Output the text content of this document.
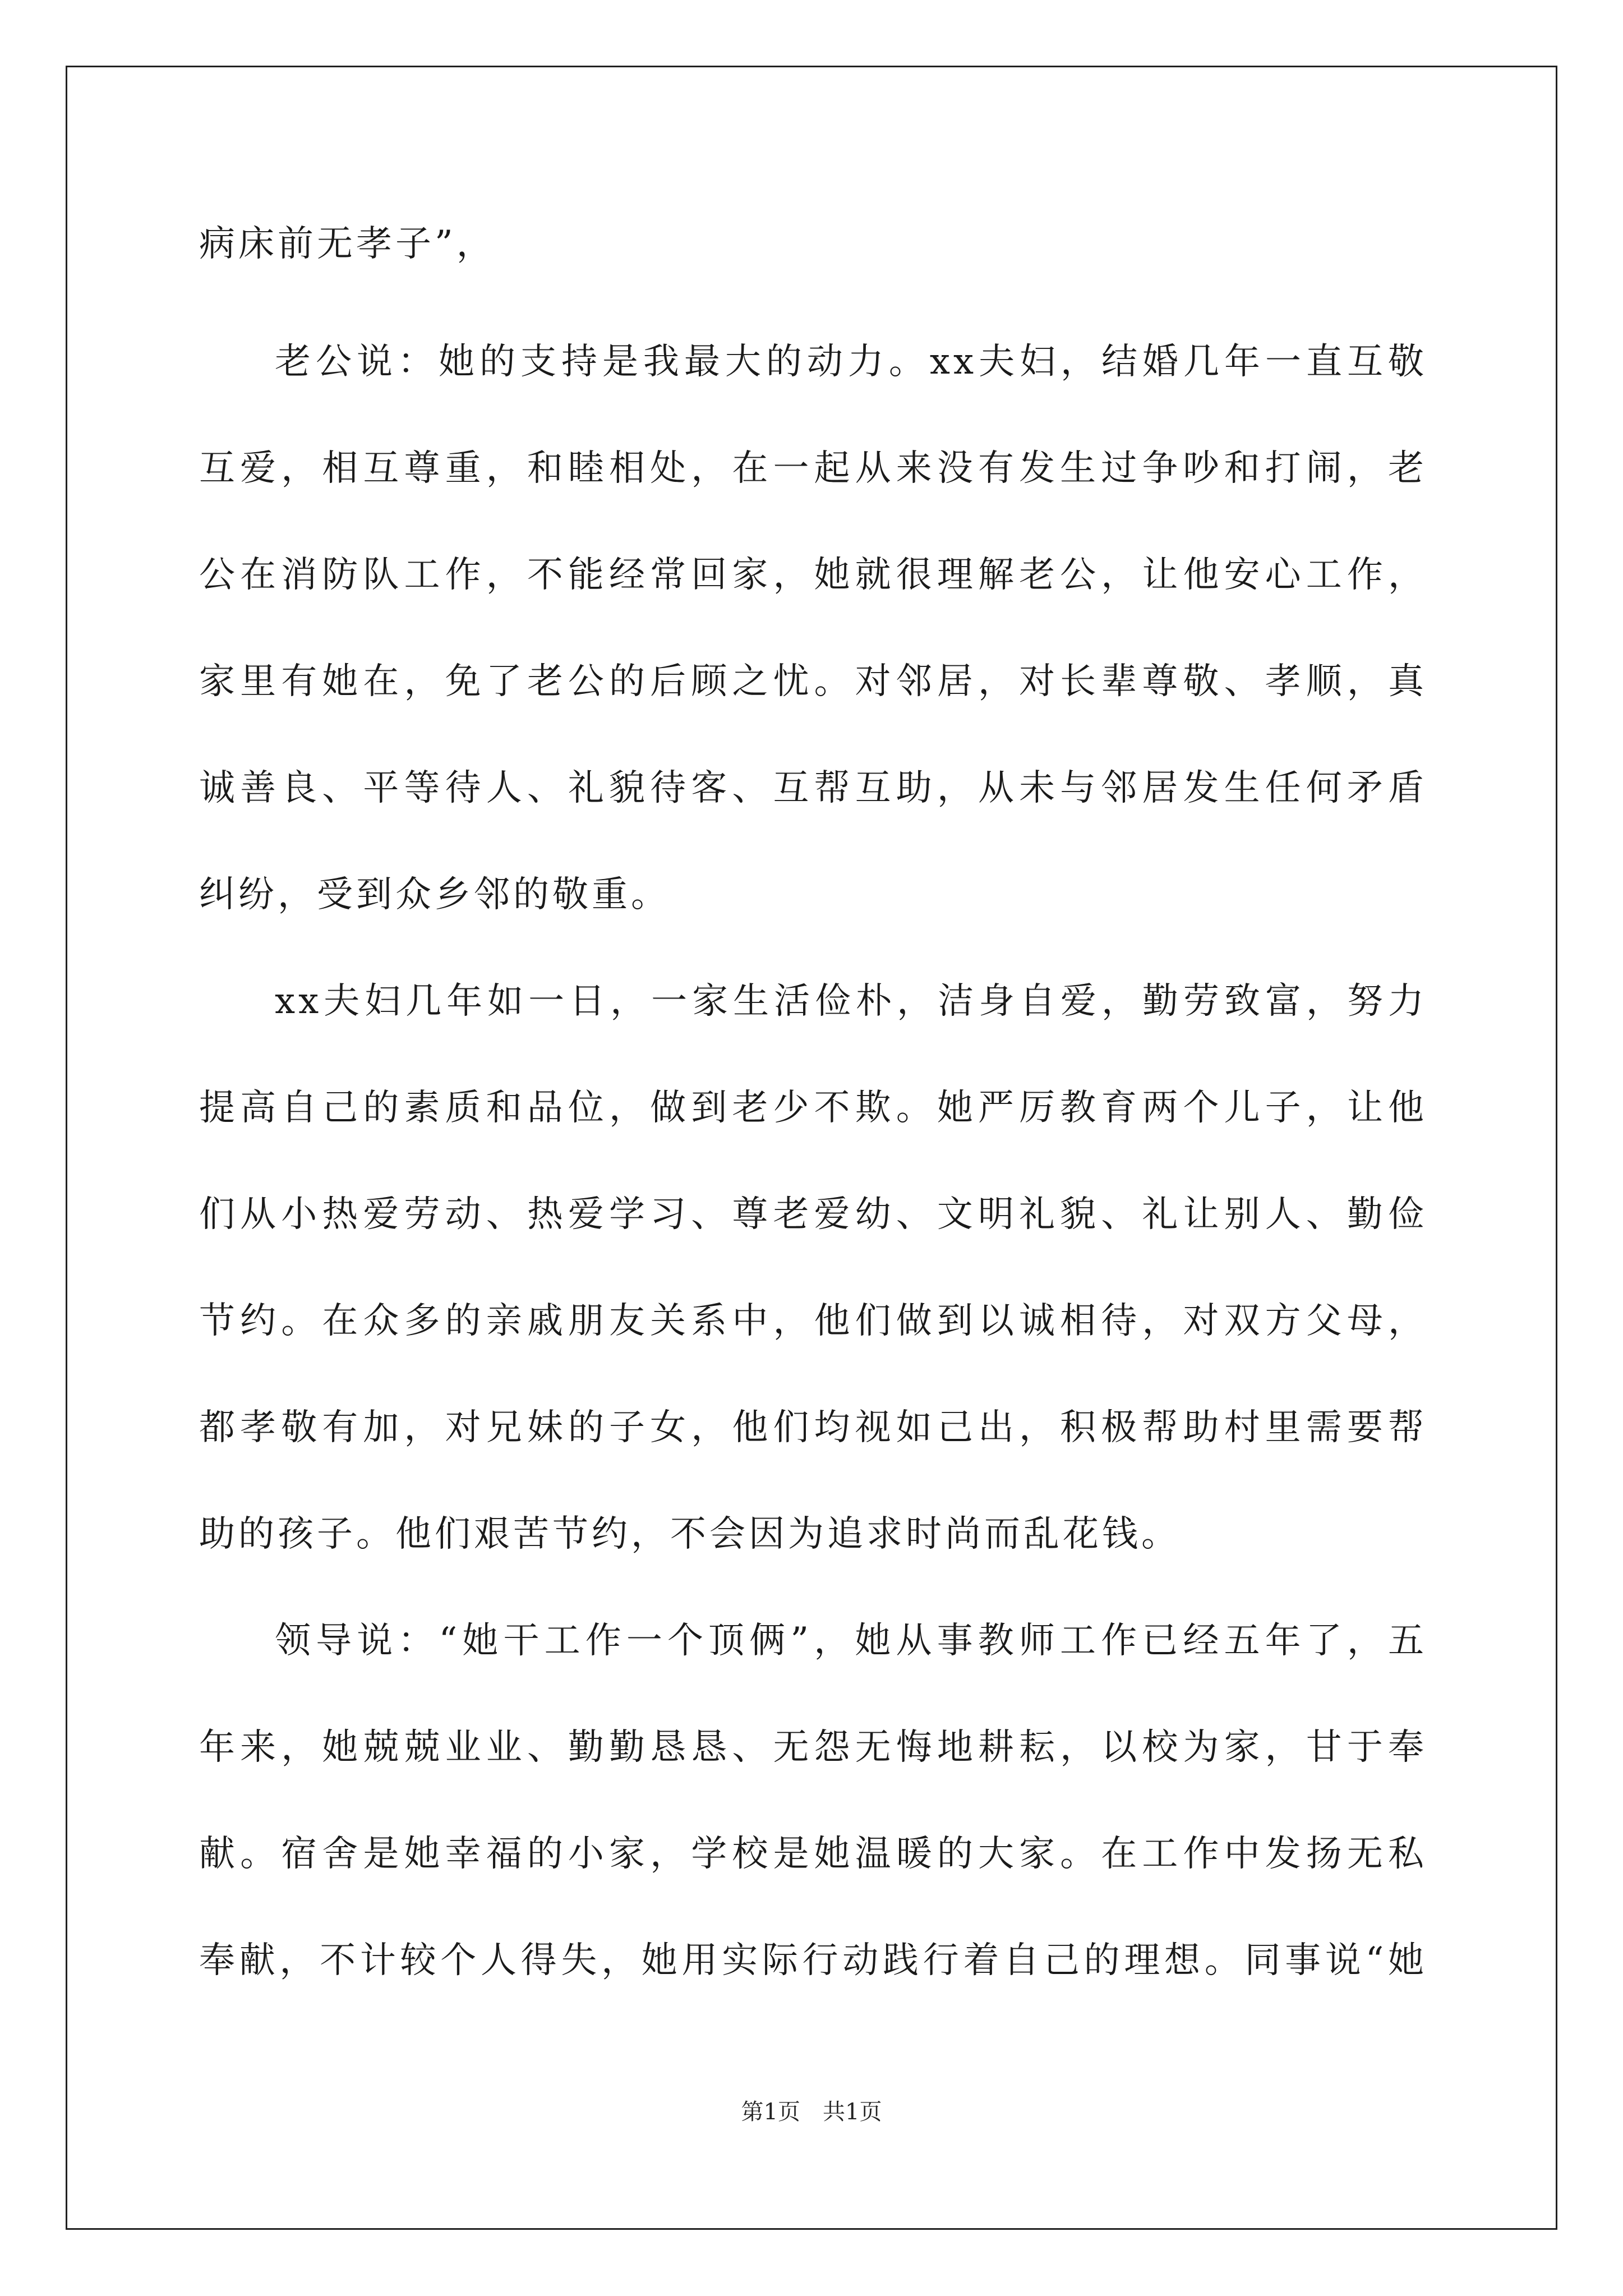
病床前无孝子”，
老公说：她的支持是我最大的动力。xx夫妇，结婚几年一直互敬
互爱，相互尊重，和睦相处，在一起从来没有发生过争吵和打闹，老
公在消防队工作，不能经常回家，她就很理解老公，让他安心工作，
家里有她在，免了老公的后顾之忧。对邻居，对长辈尊敬、孝顺，真
诚善良、平等待人、礼貌待客、互帮互助，从未与邻居发生任何矛盾
纠纷，受到众乡邻的敬重。
xx夫妇几年如一日，一家生活俭朴，洁身自爱，勤劳致富，努力
提高自己的素质和品位，做到老少不欺。她严厉教育两个儿子，让他
们从小热爱劳动、热爱学习、尊老爱幼、文明礼貌、礼让别人、勤俭
节约。在众多的亲戚朋友关系中，他们做到以诚相待，对双方父母，
都孝敬有加，对兄妹的子女，他们均视如己出，积极帮助村里需要帮
助的孩子。他们艰苦节约，不会因为追求时尚而乱花钱。
领导说：“她干工作一个顶俩”，她从事教师工作已经五年了，五
年来，她兢兢业业、勤勤恳恳、无怨无悔地耕耘，以校为家，甘于奉
献。宿舍是她幸福的小家，学校是她温暖的大家。在工作中发扬无私
奉献，不计较个人得失，她用实际行动践行着自己的理想。同事说“她
第1页　共1页
